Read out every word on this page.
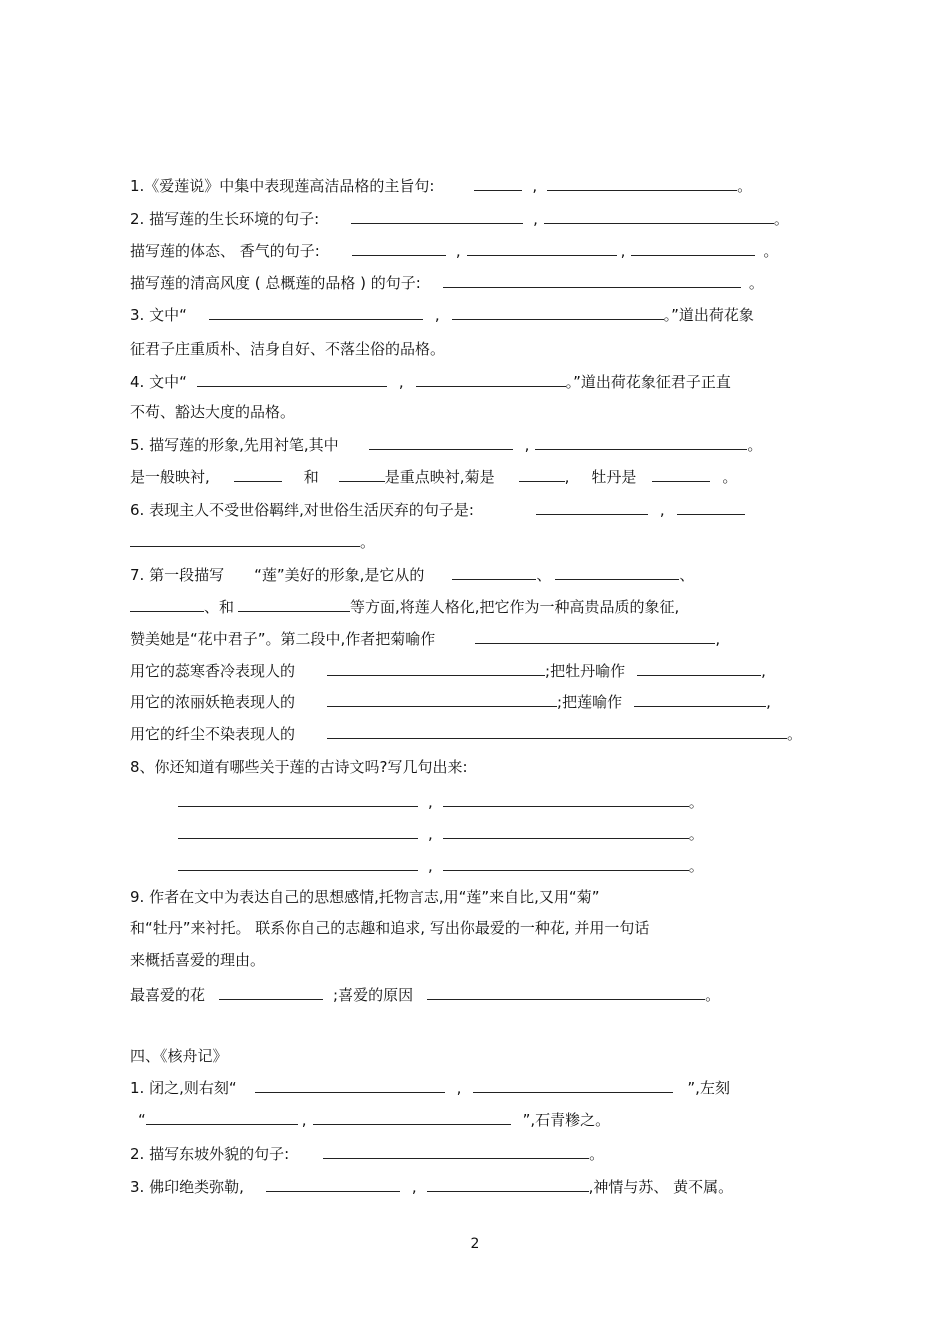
1.《爱莲说》中集中表现莲高洁品格的主旨句:	,	。
2. 描写莲的生长环境的句子:	,	。
描写莲的体态、 香气的句子:	,	,	。
描写莲的清高风度 ( 总概莲的品格 ) 的句子:	。
3. 文中“	,	。”道出荷花象
征君子庄重质朴、洁身自好、不落尘俗的品格。
4. 文中“	,	。”道出荷花象征君子正直
不苟、豁达大度的品格。
5. 描写莲的形象,先用衬笔,其中	,	。
是一般映衬,	和	是重点映衬,菊是	, 牡丹是	。
6. 表现主人不受世俗羁绊,对世俗生活厌弃的句子是:	,
。
7. 第一段描写 “莲”美好的形象,是它从的	、	、
、和	等方面,将莲人格化,把它作为一种高贵品质的象征,
赞美她是“花中君子”。第二段中,作者把菊喻作	,
用它的蕊寒香冷表现人的	;把牡丹喻作	,
用它的浓丽妖艳表现人的	;把莲喻作	,
用它的纤尘不染表现人的	。
8、你还知道有哪些关于莲的古诗文吗?写几句出来:
,	。
,	。
,	。
9. 作者在文中为表达自己的思想感情,托物言志,用“莲”来自比,又用“菊”
和“牡丹”来衬托。 联系你自己的志趣和追求, 写出你最爱的一种花, 并用一句话
来概括喜爱的理由。
最喜爱的花	;喜爱的原因	。
四、《核舟记》
1. 闭之,则右刻“	,	”,左刻
“	,	”,石青糁之。
2. 描写东坡外貌的句子:	。
3. 佛印绝类弥勒,	,	,神情与苏、 黄不属。
2
